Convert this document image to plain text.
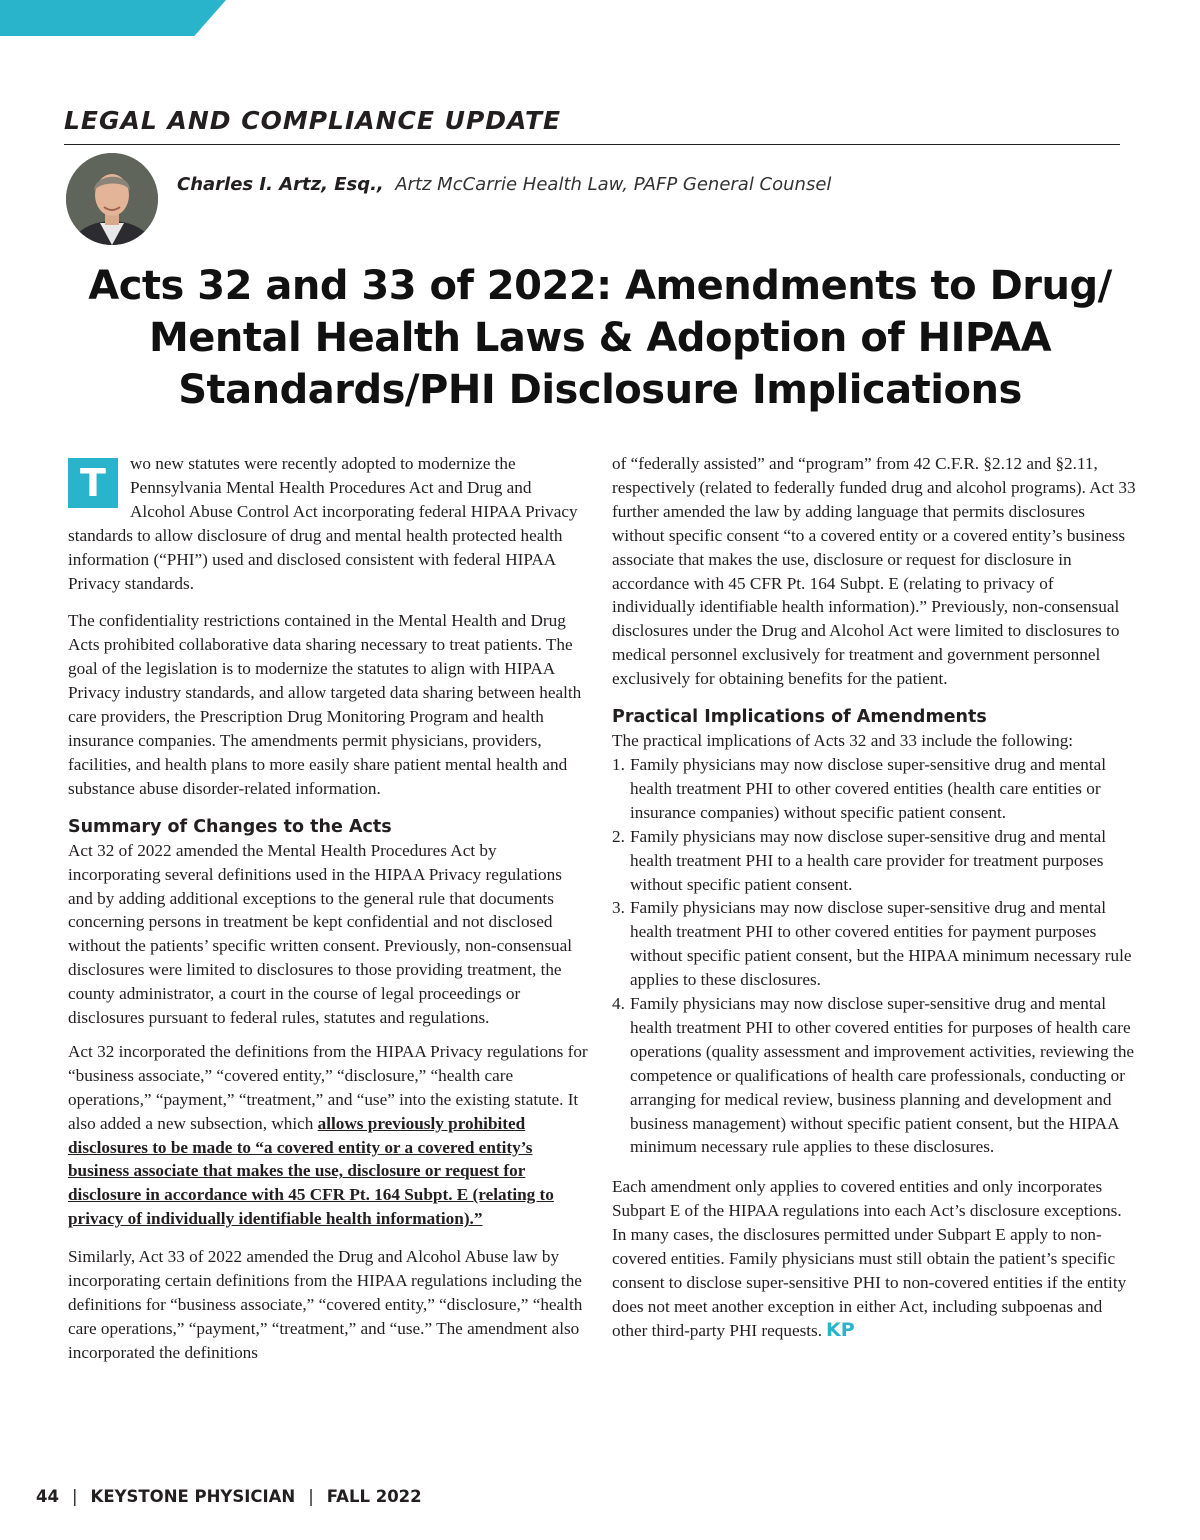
LEGAL AND COMPLIANCE UPDATE
Charles I. Artz, Esq., Artz McCarrie Health Law, PAFP General Counsel
Acts 32 and 33 of 2022: Amendments to Drug/
Mental Health Laws & Adoption of HIPAA
Standards/PHI Disclosure Implications

T	wo new statutes were recently adopted to modernize the Pennsylvania Mental Health Procedures Act and Drug and Alcohol Abuse Control Act incorporating federal HIPAA Privacy standards to allow disclosure of drug and mental health protected health information (“PHI”) used and disclosed consistent with federal HIPAA Privacy standards.

The confidentiality restrictions contained in the Mental Health and Drug Acts prohibited collaborative data sharing necessary to treat patients. The goal of the legislation is to modernize the statutes to align with HIPAA Privacy industry standards, and allow targeted data sharing between health care providers, the Prescription Drug Monitoring Program and health insurance companies. The amendments permit physicians, providers, facilities, and health plans to more easily share patient mental health and substance abuse disorder-related information.

Summary of Changes to the Acts

Act 32 of 2022 amended the Mental Health Procedures Act by incorporating several definitions used in the HIPAA Privacy regulations and by adding additional exceptions to the general rule that documents concerning persons in treatment be kept confidential and not disclosed without the patients’ specific written consent. Previously, non-consensual disclosures were limited to disclosures to those providing treatment, the county administrator, a court in the course of legal proceedings or disclosures pursuant to federal rules, statutes and regulations.

Act 32 incorporated the definitions from the HIPAA Privacy regulations for “business associate,” “covered entity,” “disclosure,” “health care operations,” “payment,” “treatment,” and “use” into the existing statute. It also added a new subsection, which allows previously prohibited disclosures to be made to “a covered entity or a covered entity’s business associate that makes the use, disclosure or request for disclosure in accordance with 45 CFR Pt. 164 Subpt. E (relating to privacy of individually identifiable health information).”

Similarly, Act 33 of 2022 amended the Drug and Alcohol Abuse law by incorporating certain definitions from the HIPAA regulations including the definitions for “business associate,” “covered entity,” “disclosure,” “health care operations,” “payment,” “treatment,” and “use.” The amendment also incorporated the definitions

of “federally assisted” and “program” from 42 C.F.R. §2.12 and §2.11, respectively (related to federally funded drug and alcohol programs). Act 33 further amended the law by adding language that permits disclosures without specific consent “to a covered entity or a covered entity’s business associate that makes the use, disclosure or request for disclosure in accordance with 45 CFR Pt. 164 Subpt. E (relating to privacy of individually identifiable health information).” Previously, non-consensual disclosures under the Drug and Alcohol Act were limited to disclosures to medical personnel exclusively for treatment and government personnel exclusively for obtaining benefits for the patient.

Practical Implications of Amendments
The practical implications of Acts 32 and 33 include the following:
1. Family physicians may now disclose super-sensitive drug and mental health treatment PHI to other covered entities (health care entities or insurance companies) without specific patient consent.
2. Family physicians may now disclose super-sensitive drug and mental health treatment PHI to a health care provider for treatment purposes without specific patient consent.
3. Family physicians may now disclose super-sensitive drug and mental health treatment PHI to other covered entities for payment purposes without specific patient consent, but the HIPAA minimum necessary rule applies to these disclosures.
4. Family physicians may now disclose super-sensitive drug and mental health treatment PHI to other covered entities for purposes of health care operations (quality assessment and improvement activities, reviewing the competence or qualifications of health care professionals, conducting or arranging for medical review, business planning and development and business management) without specific patient consent, but the HIPAA minimum necessary rule applies to these disclosures.

Each amendment only applies to covered entities and only incorporates Subpart E of the HIPAA regulations into each Act’s disclosure exceptions. In many cases, the disclosures permitted under Subpart E apply to non-covered entities. Family physicians must still obtain the patient’s specific consent to disclose super-sensitive PHI to non-covered entities if the entity does not meet another exception in either Act, including subpoenas and other third-party PHI requests. KP

44 | KEYSTONE PHYSICIAN | FALL 2022
